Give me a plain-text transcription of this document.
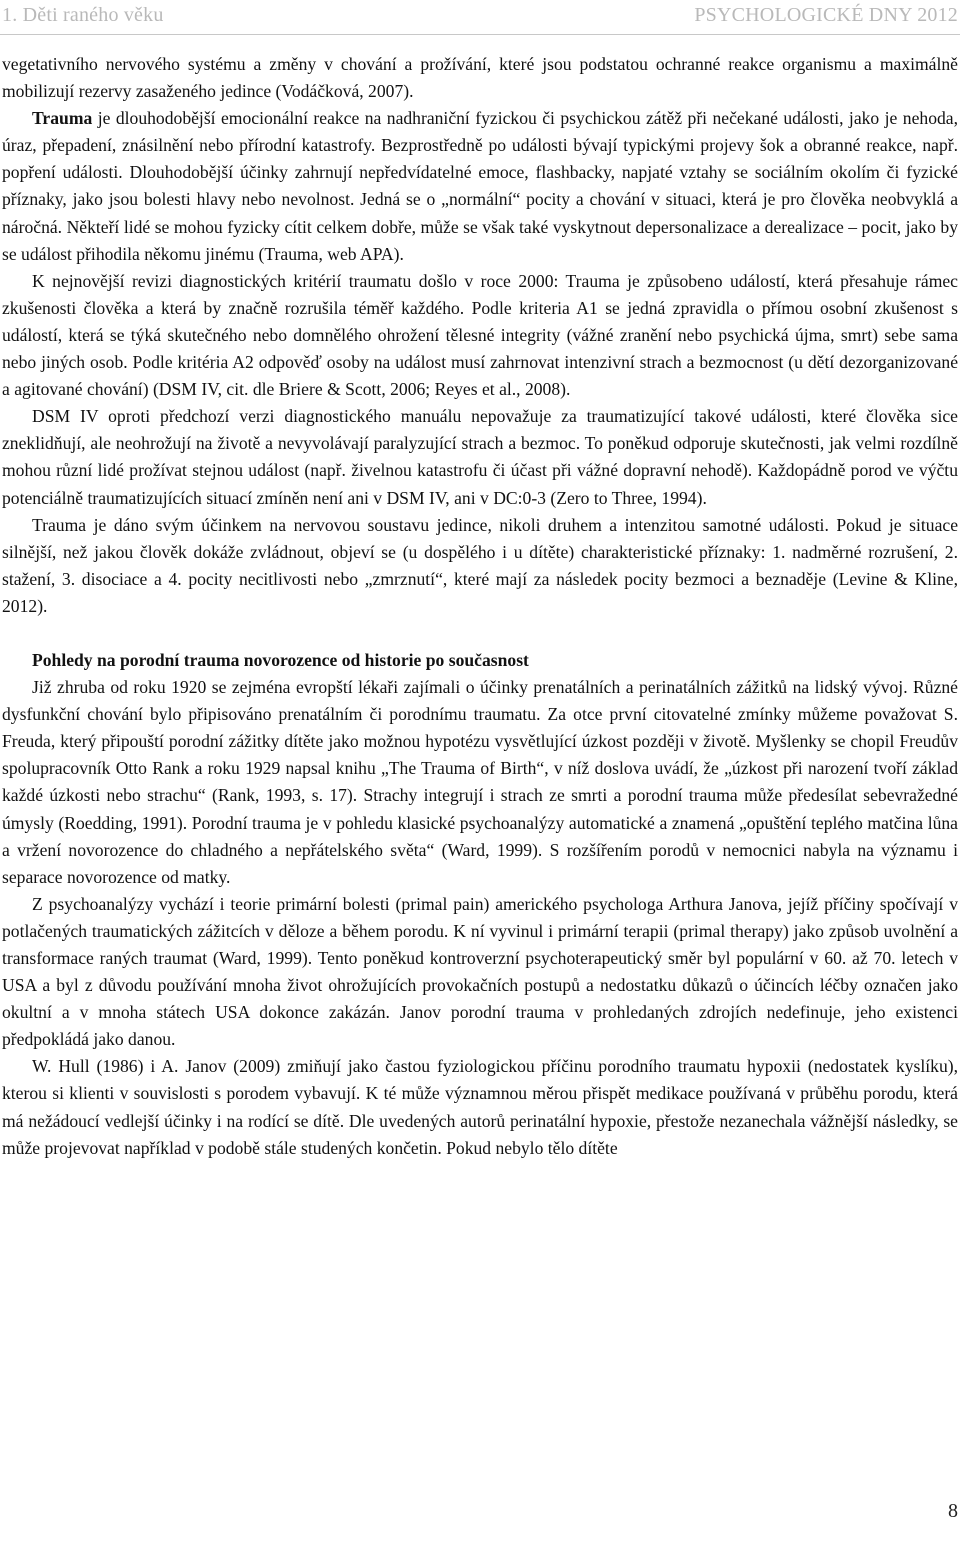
1. Děti raného věku	PSYCHOLOGICKÉ DNY 2012

vegetativního nervového systému a změny v chování a prožívání, které jsou podstatou ochranné reakce organismu a maximálně mobilizují rezervy zasaženého jedince (Vodáčková, 2007).

Trauma je dlouhodobější emocionální reakce na nadhraniční fyzickou či psychickou zátěž při nečekané události, jako je nehoda, úraz, přepadení, znásilnění nebo přírodní katastrofy. Bezprostředně po události bývají typickými projevy šok a obranné reakce, např. popření události. Dlouhodobější účinky zahrnují nepředvídatelné emoce, flashbacky, napjaté vztahy se sociálním okolím či fyzické příznaky, jako jsou bolesti hlavy nebo nevolnost. Jedná se o „normální“ pocity a chování v situaci, která je pro člověka neobvyklá a náročná. Někteří lidé se mohou fyzicky cítit celkem dobře, může se však také vyskytnout depersonalizace a derealizace – pocit, jako by se událost přihodila někomu jinému (Trauma, web APA).

K nejnovější revizi diagnostických kritérií traumatu došlo v roce 2000: Trauma je způsobeno událostí, která přesahuje rámec zkušenosti člověka a která by značně rozrušila téměř každého. Podle kriteria A1 se jedná zpravidla o přímou osobní zkušenost s událostí, která se týká skutečného nebo domnělého ohrožení tělesné integrity (vážné zranění nebo psychická újma, smrt) sebe sama nebo jiných osob. Podle kritéria A2 odpověď osoby na událost musí zahrnovat intenzivní strach a bezmocnost (u dětí dezorganizované a agitované chování) (DSM IV, cit. dle Briere & Scott, 2006; Reyes et al., 2008).

DSM IV oproti předchozí verzi diagnostického manuálu nepovažuje za traumatizující takové události, které člověka sice zneklidňují, ale neohrožují na životě a nevyvolávají paralyzující strach a bezmoc. To poněkud odporuje skutečnosti, jak velmi rozdílně mohou různí lidé prožívat stejnou událost (např. živelnou katastrofu či účast při vážné dopravní nehodě). Každopádně porod ve výčtu potenciálně traumatizujících situací zmíněn není ani v DSM IV, ani v DC:0-3 (Zero to Three, 1994).

Trauma je dáno svým účinkem na nervovou soustavu jedince, nikoli druhem a intenzitou samotné události. Pokud je situace silnější, než jakou člověk dokáže zvládnout, objeví se (u dospělého i u dítěte) charakteristické příznaky: 1. nadměrné rozrušení, 2. stažení, 3. disociace a 4. pocity necitlivosti nebo „zmrznutí“, které mají za následek pocity bezmoci a beznaděje (Levine & Kline, 2012).

Pohledy na porodní trauma novorozence od historie po současnost

Již zhruba od roku 1920 se zejména evropští lékaři zajímali o účinky prenatálních a perinatálních zážitků na lidský vývoj. Různé dysfunkční chování bylo připisováno prenatálním či porodnímu traumatu. Za otce první citovatelné zmínky můžeme považovat S. Freuda, který připouští porodní zážitky dítěte jako možnou hypotézu vysvětlující úzkost později v životě. Myšlenky se chopil Freudův spolupracovník Otto Rank a roku 1929 napsal knihu „The Trauma of Birth“, v níž doslova uvádí, že „úzkost při narození tvoří základ každé úzkosti nebo strachu“ (Rank, 1993, s. 17). Strachy integrují i strach ze smrti a porodní trauma může předesílat sebevražedné úmysly (Roedding, 1991). Porodní trauma je v pohledu klasické psychoanalýzy automatické a znamená „opuštění teplého matčina lůna a vržení novorozence do chladného a nepřátelského světa“ (Ward, 1999). S rozšířením porodů v nemocnici nabyla na významu i separace novorozence od matky.

Z psychoanalýzy vychází i teorie primární bolesti (primal pain) amerického psychologa Arthura Janova, jejíž příčiny spočívají v potlačených traumatických zážitcích v děloze a během porodu. K ní vyvinul i primární terapii (primal therapy) jako způsob uvolnění a transformace raných traumat (Ward, 1999). Tento poněkud kontroverzní psychoterapeutický směr byl populární v 60. až 70. letech v USA a byl z důvodu používání mnoha život ohrožujících provokačních postupů a nedostatku důkazů o účincích léčby označen jako okultní a v mnoha státech USA dokonce zakázán. Janov porodní trauma v prohledaných zdrojích nedefinuje, jeho existenci předpokládá jako danou.

W. Hull (1986) i A. Janov (2009) zmiňují jako častou fyziologickou příčinu porodního traumatu hypoxii (nedostatek kyslíku), kterou si klienti v souvislosti s porodem vybavují. K té může významnou měrou přispět medikace používaná v průběhu porodu, která má nežádoucí vedlejší účinky i na rodící se dítě. Dle uvedených autorů perinatální hypoxie, přestože nezanechala vážnější následky, se může projevovat například v podobě stále studených končetin. Pokud nebylo tělo dítěte

8
